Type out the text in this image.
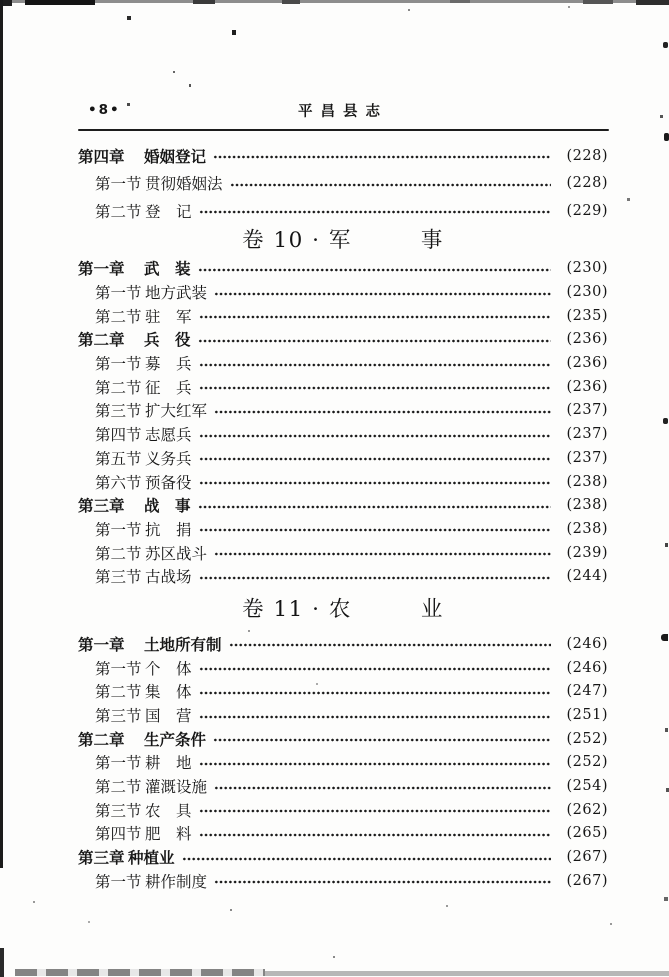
•8•	平昌县志
第四章	婚姻登记	(228)
第一节 贯彻婚姻法	(228)
第二节 登　记	(229)
卷 10 · 军　　　事
第一章	武　装	(230)
第一节 地方武装	(230)
第二节 驻　军	(235)
第二章	兵　役	(236)
第一节 募　兵	(236)
第二节 征　兵	(236)
第三节 扩大红军	(237)
第四节 志愿兵	(237)
第五节 义务兵	(237)
第六节 预备役	(238)
第三章	战　事	(238)
第一节 抗　捐	(238)
第二节 苏区战斗	(239)
第三节 古战场	(244)
卷 11 · 农　　　业
第一章	土地所有制	(246)
第一节 个　体	(246)
第二节 集　体	(247)
第三节 国　营	(251)
第二章	生产条件	(252)
第一节 耕　地	(252)
第二节 灌溉设施	(254)
第三节 农　具	(262)
第四节 肥　料	(265)
第三章 种植业	(267)
第一节 耕作制度	(267)
